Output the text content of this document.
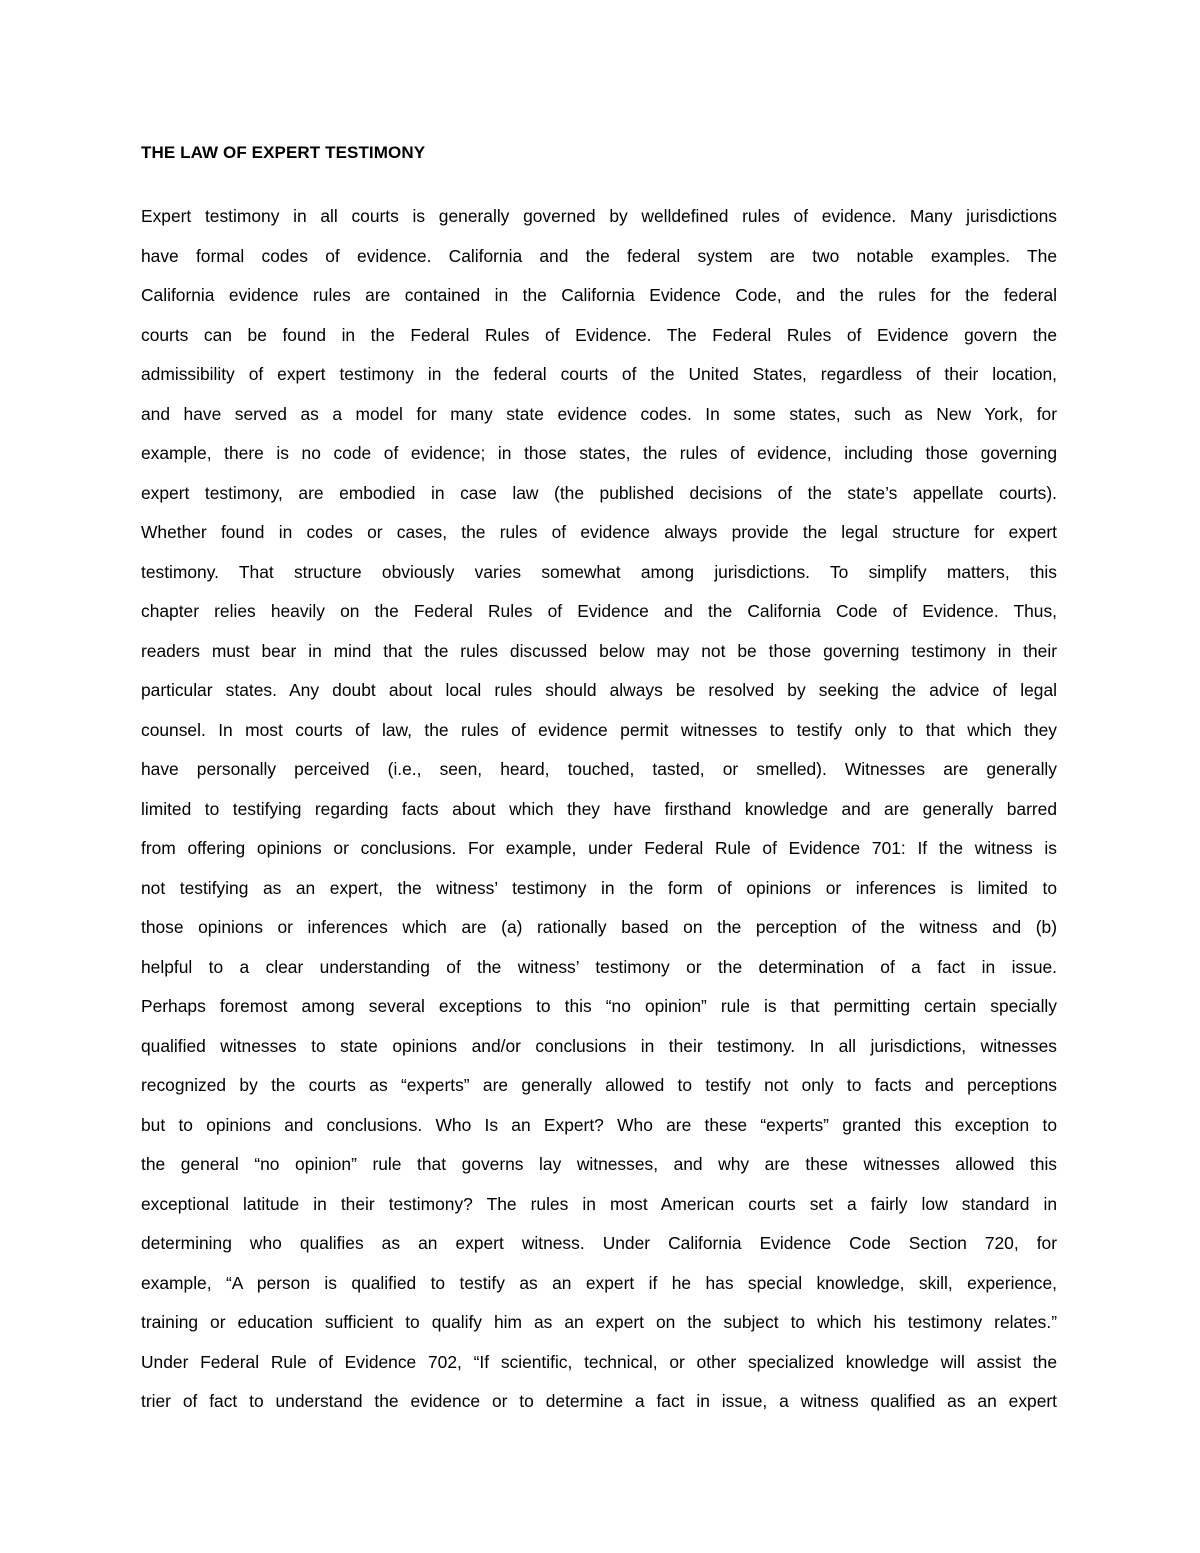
THE LAW OF EXPERT TESTIMONY
Expert testimony in all courts is generally governed by welldefined rules of evidence. Many jurisdictions
have formal codes of evidence. California and the federal system are two notable examples. The
California evidence rules are contained in the California Evidence Code, and the rules for the federal
courts can be found in the Federal Rules of Evidence. The Federal Rules of Evidence govern the
admissibility of expert testimony in the federal courts of the United States, regardless of their location,
and have served as a model for many state evidence codes. In some states, such as New York, for
example, there is no code of evidence; in those states, the rules of evidence, including those governing
expert testimony, are embodied in case law (the published decisions of the state’s appellate courts).
Whether found in codes or cases, the rules of evidence always provide the legal structure for expert
testimony. That structure obviously varies somewhat among jurisdictions. To simplify matters, this
chapter relies heavily on the Federal Rules of Evidence and the California Code of Evidence. Thus,
readers must bear in mind that the rules discussed below may not be those governing testimony in their
particular states. Any doubt about local rules should always be resolved by seeking the advice of legal
counsel. In most courts of law, the rules of evidence permit witnesses to testify only to that which they
have personally perceived (i.e., seen, heard, touched, tasted, or smelled). Witnesses are generally
limited to testifying regarding facts about which they have firsthand knowledge and are generally barred
from offering opinions or conclusions. For example, under Federal Rule of Evidence 701: If the witness is
not testifying as an expert, the witness’ testimony in the form of opinions or inferences is limited to
those opinions or inferences which are (a) rationally based on the perception of the witness and (b)
helpful to a clear understanding of the witness’ testimony or the determination of a fact in issue.
Perhaps foremost among several exceptions to this “no opinion” rule is that permitting certain specially
qualified witnesses to state opinions and/or conclusions in their testimony. In all jurisdictions, witnesses
recognized by the courts as “experts” are generally allowed to testify not only to facts and perceptions
but to opinions and conclusions. Who Is an Expert? Who are these “experts” granted this exception to
the general “no opinion” rule that governs lay witnesses, and why are these witnesses allowed this
exceptional latitude in their testimony? The rules in most American courts set a fairly low standard in
determining who qualifies as an expert witness. Under California Evidence Code Section 720, for
example, “A person is qualified to testify as an expert if he has special knowledge, skill, experience,
training or education sufficient to qualify him as an expert on the subject to which his testimony relates.”
Under Federal Rule of Evidence 702, “If scientific, technical, or other specialized knowledge will assist the
trier of fact to understand the evidence or to determine a fact in issue, a witness qualified as an expert
